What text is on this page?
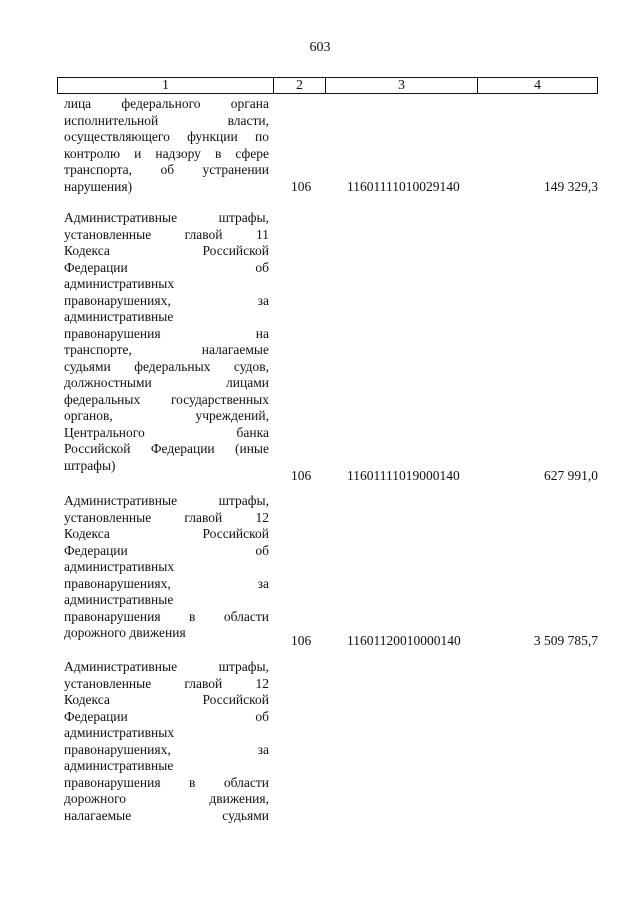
603
1	2	3	4
лица федерального органа
исполнительной власти,
осуществляющего функции по
контролю и надзору в сфере
транспорта, об устранении
нарушения)	106	11601111010029140	149 329,3
Административные штрафы,
установленные главой 11
Кодекса Российской
Федерации об
административных
правонарушениях, за
административные
правонарушения на
транспорте, налагаемые
судьями федеральных судов,
должностными лицами
федеральных государственных
органов, учреждений,
Центрального банка
Российской Федерации (иные
штрафы)
106	11601111019000140	627 991,0
Административные штрафы,
установленные главой 12
Кодекса Российской
Федерации об
административных
правонарушениях, за
административные
правонарушения в области
дорожного движения
106	11601120010000140	3 509 785,7
Административные штрафы,
установленные главой 12
Кодекса Российской
Федерации об
административных
правонарушениях, за
административные
правонарушения в области
дорожного движения,
налагаемые судьями
